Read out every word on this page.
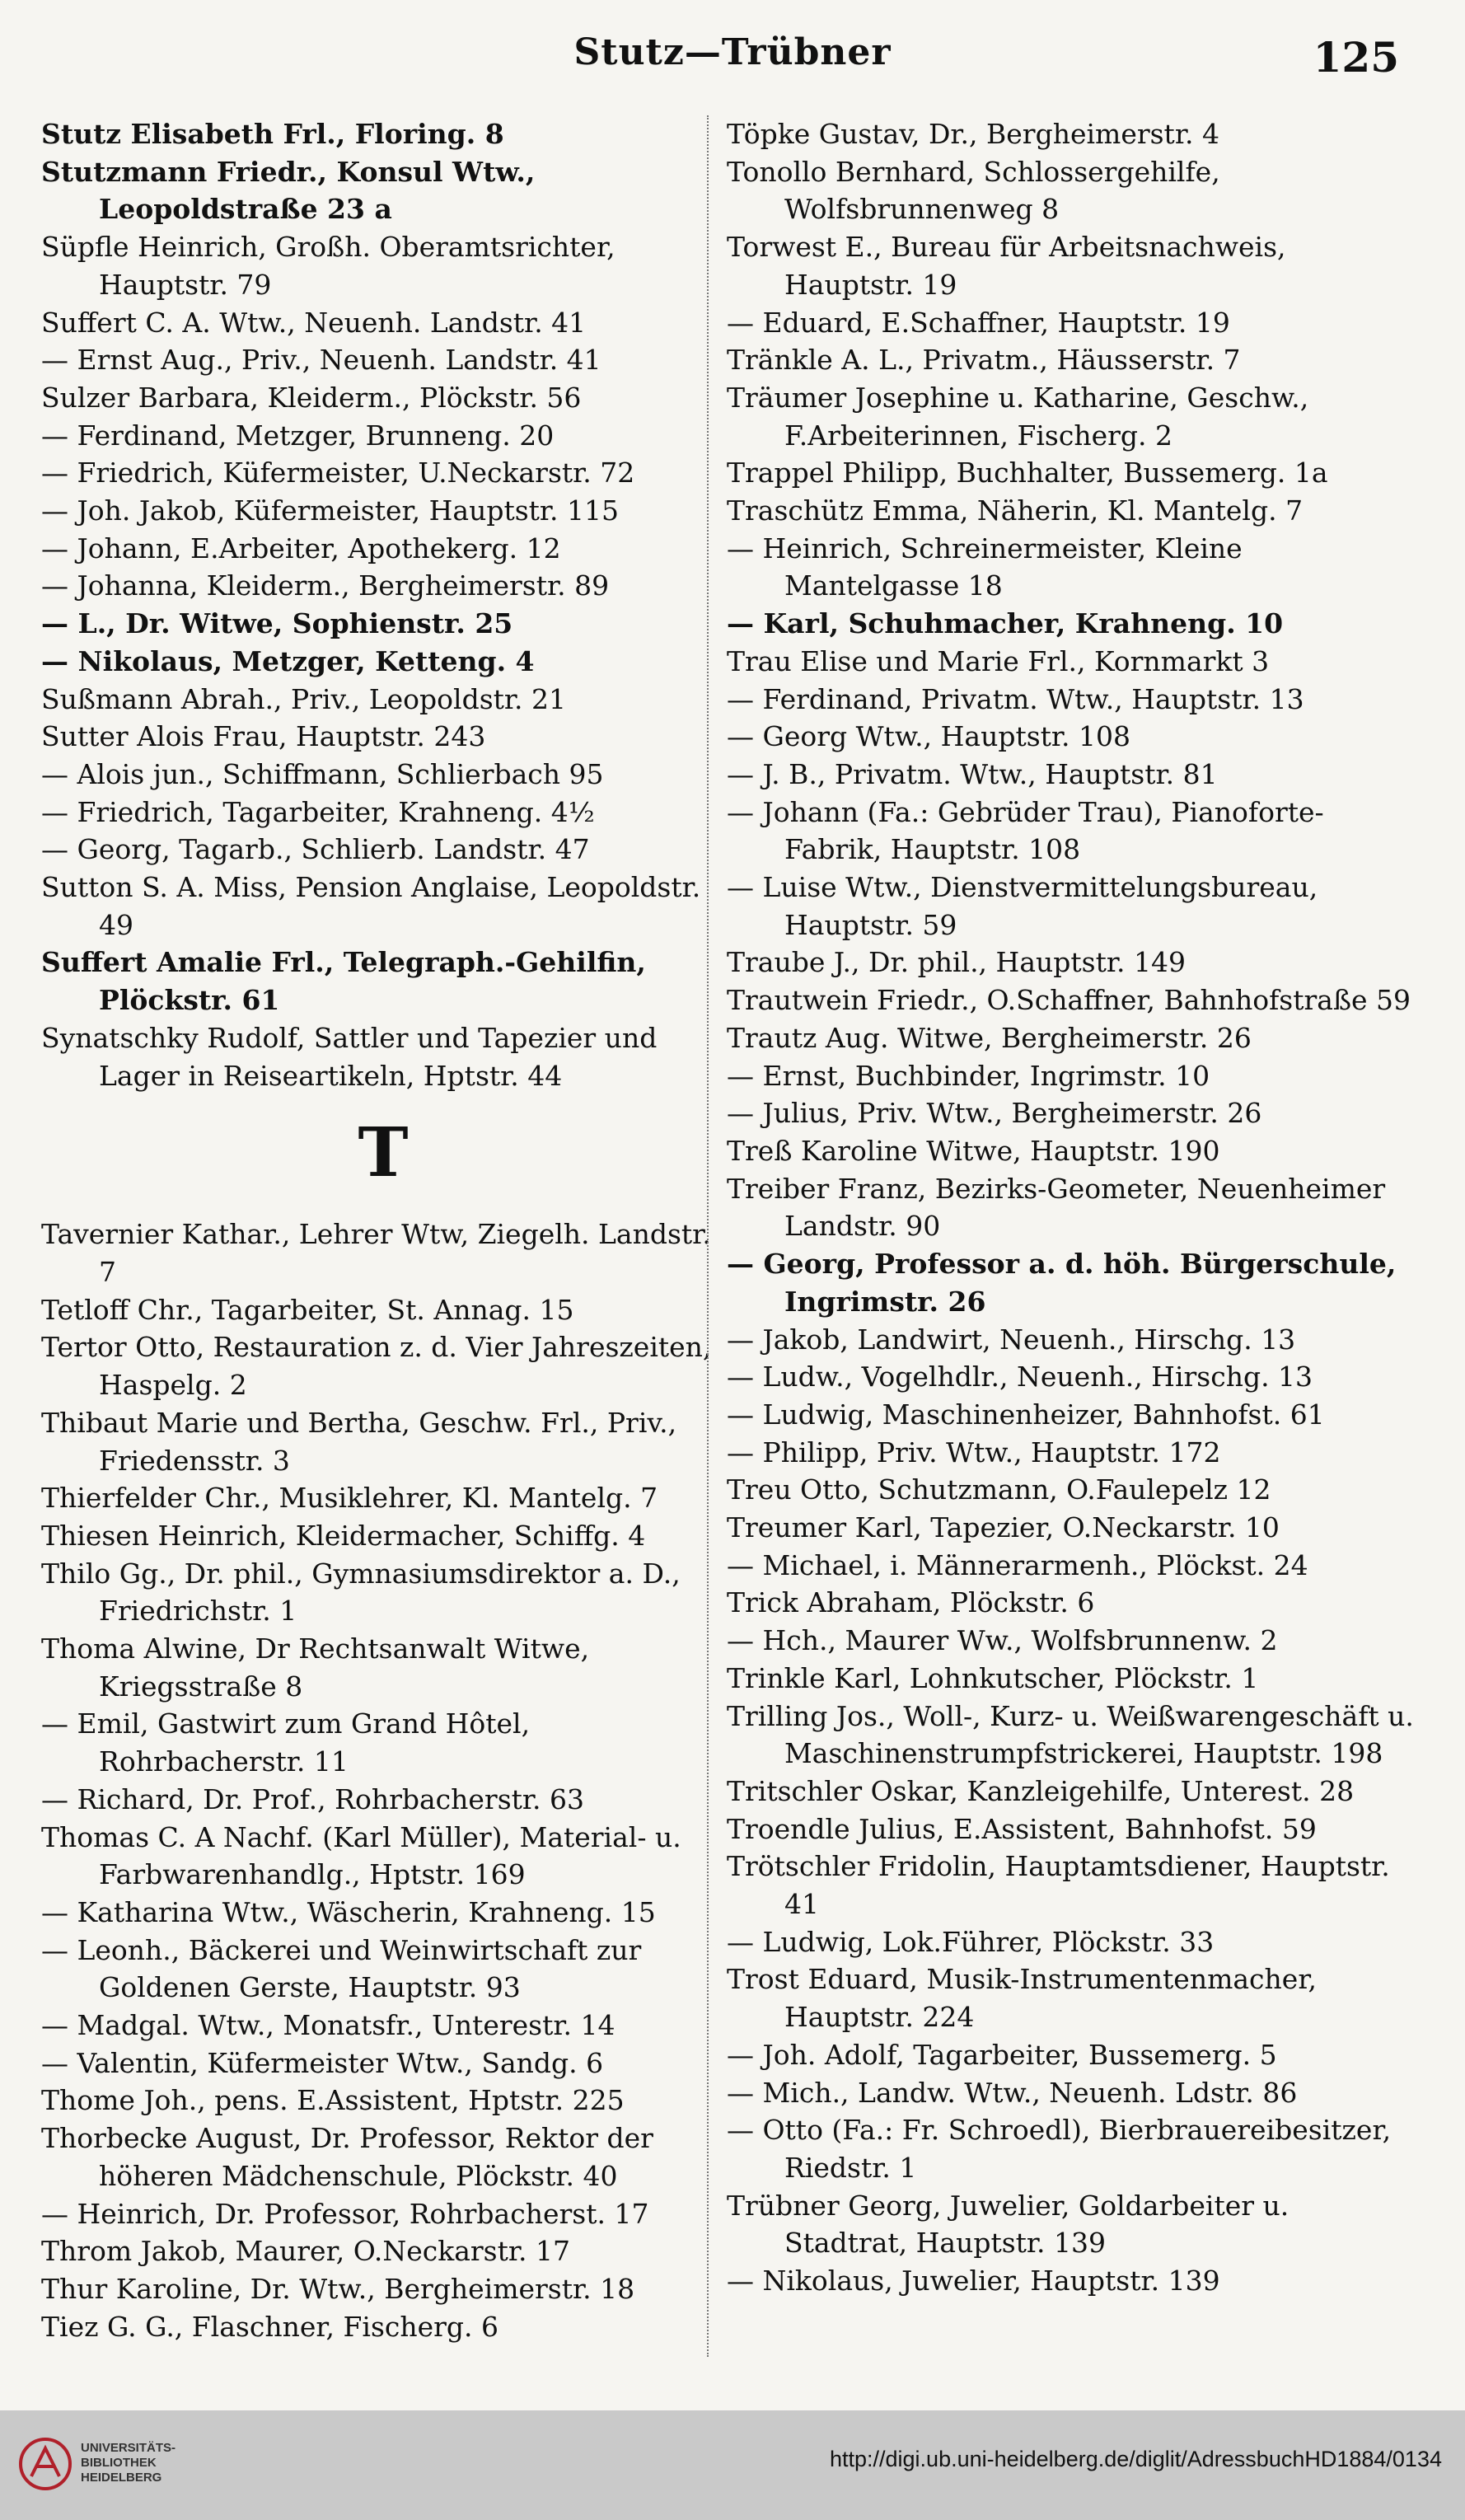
Stutz—Trübner	125
Stutz Elisabeth Frl., Floring. 8
Stutzmann Friedr., Konsul Wtw., Leopoldstraße 23 a
Süpfle Heinrich, Großh. Oberamtsrichter, Hauptstr. 79
Suffert C. A. Wtw., Neuenh. Landstr. 41
— Ernst Aug., Priv., Neuenh. Landstr. 41
Sulzer Barbara, Kleiderm., Plöckstr. 56
— Ferdinand, Metzger, Brunneng. 20
— Friedrich, Küfermeister, U.Neckarstr. 72
— Joh. Jakob, Küfermeister, Hauptstr. 115
— Johann, E.Arbeiter, Apothekerg. 12
— Johanna, Kleiderm., Bergheimerstr. 89
— L., Dr. Witwe, Sophienstr. 25
— Nikolaus, Metzger, Ketteng. 4
Sußmann Abrah., Priv., Leopoldstr. 21
Sutter Alois Frau, Hauptstr. 243
— Alois jun., Schiffmann, Schlierbach 95
— Friedrich, Tagarbeiter, Krahneng. 4½
— Georg, Tagarb., Schlierb. Landstr. 47
Sutton S. A. Miss, Pension Anglaise, Leopoldstr. 49
Suffert Amalie Frl., Telegraph.-Gehilfin, Plöckstr. 61
Synatschky Rudolf, Sattler und Tapezier und Lager in Reiseartikeln, Hptstr. 44
T
Tavernier Kathar., Lehrer Wtw, Ziegelh. Landstr. 7
Tetloff Chr., Tagarbeiter, St. Annag. 15
Tertor Otto, Restauration z. d. Vier Jahreszeiten, Haspelg. 2
Thibaut Marie und Bertha, Geschw. Frl., Priv., Friedensstr. 3
Thierfelder Chr., Musiklehrer, Kl. Mantelg. 7
Thiesen Heinrich, Kleidermacher, Schiffg. 4
Thilo Gg., Dr. phil., Gymnasiumsdirektor a. D., Friedrichstr. 1
Thoma Alwine, Dr Rechtsanwalt Witwe, Kriegsstraße 8
— Emil, Gastwirt zum Grand Hôtel, Rohrbacherstr. 11
— Richard, Dr. Prof., Rohrbacherstr. 63
Thomas C. A Nachf. (Karl Müller), Material- u. Farbwarenhandlg., Hptstr. 169
— Katharina Wtw., Wäscherin, Krahneng. 15
— Leonh., Bäckerei und Weinwirtschaft zur Goldenen Gerste, Hauptstr. 93
— Madgal. Wtw., Monatsfr., Unterestr. 14
— Valentin, Küfermeister Wtw., Sandg. 6
Thome Joh., pens. E.Assistent, Hptstr. 225
Thorbecke August, Dr. Professor, Rektor der höheren Mädchenschule, Plöckstr. 40
— Heinrich, Dr. Professor, Rohrbacherst. 17
Throm Jakob, Maurer, O.Neckarstr. 17
Thur Karoline, Dr. Wtw., Bergheimerstr. 18
Tiez G. G., Flaschner, Fischerg. 6
Töpke Gustav, Dr., Bergheimerstr. 4
Tonollo Bernhard, Schlossergehilfe, Wolfsbrunnenweg 8
Torwest E., Bureau für Arbeitsnachweis, Hauptstr. 19
— Eduard, E.Schaffner, Hauptstr. 19
Tränkle A. L., Privatm., Häusserstr. 7
Träumer Josephine u. Katharine, Geschw., F.Arbeiterinnen, Fischerg. 2
Trappel Philipp, Buchhalter, Bussemerg. 1a
Traschütz Emma, Näherin, Kl. Mantelg. 7
— Heinrich, Schreinermeister, Kleine Mantelgasse 18
— Karl, Schuhmacher, Krahneng. 10
Trau Elise und Marie Frl., Kornmarkt 3
— Ferdinand, Privatm. Wtw., Hauptstr. 13
— Georg Wtw., Hauptstr. 108
— J. B., Privatm. Wtw., Hauptstr. 81
— Johann (Fa.: Gebrüder Trau), Pianoforte-Fabrik, Hauptstr. 108
— Luise Wtw., Dienstvermittelungsbureau, Hauptstr. 59
Traube J., Dr. phil., Hauptstr. 149
Trautwein Friedr., O.Schaffner, Bahnhofstraße 59
Trautz Aug. Witwe, Bergheimerstr. 26
— Ernst, Buchbinder, Ingrimstr. 10
— Julius, Priv. Wtw., Bergheimerstr. 26
Treß Karoline Witwe, Hauptstr. 190
Treiber Franz, Bezirks-Geometer, Neuenheimer Landstr. 90
— Georg, Professor a. d. höh. Bürgerschule, Ingrimstr. 26
— Jakob, Landwirt, Neuenh., Hirschg. 13
— Ludw., Vogelhdlr., Neuenh., Hirschg. 13
— Ludwig, Maschinenheizer, Bahnhofst. 61
— Philipp, Priv. Wtw., Hauptstr. 172
Treu Otto, Schutzmann, O.Faulepelz 12
Treumer Karl, Tapezier, O.Neckarstr. 10
— Michael, i. Männerarmenh., Plöckst. 24
Trick Abraham, Plöckstr. 6
— Hch., Maurer Ww., Wolfsbrunnenw. 2
Trinkle Karl, Lohnkutscher, Plöckstr. 1
Trilling Jos., Woll-, Kurz- u. Weißwarengeschäft u. Maschinenstrumpfstrickerei, Hauptstr. 198
Tritschler Oskar, Kanzleigehilfe, Unterest. 28
Troendle Julius, E.Assistent, Bahnhofst. 59
Trötschler Fridolin, Hauptamtsdiener, Hauptstr. 41
— Ludwig, Lok.Führer, Plöckstr. 33
Trost Eduard, Musik-Instrumentenmacher, Hauptstr. 224
— Joh. Adolf, Tagarbeiter, Bussemerg. 5
— Mich., Landw. Wtw., Neuenh. Ldstr. 86
— Otto (Fa.: Fr. Schroedl), Bierbrauereibesitzer, Riedstr. 1
Trübner Georg, Juwelier, Goldarbeiter u. Stadtrat, Hauptstr. 139
— Nikolaus, Juwelier, Hauptstr. 139
UNIVERSITÄTS-
BIBLIOTHEK
HEIDELBERG
http://digi.ub.uni-heidelberg.de/diglit/AdressbuchHD1884/0134
